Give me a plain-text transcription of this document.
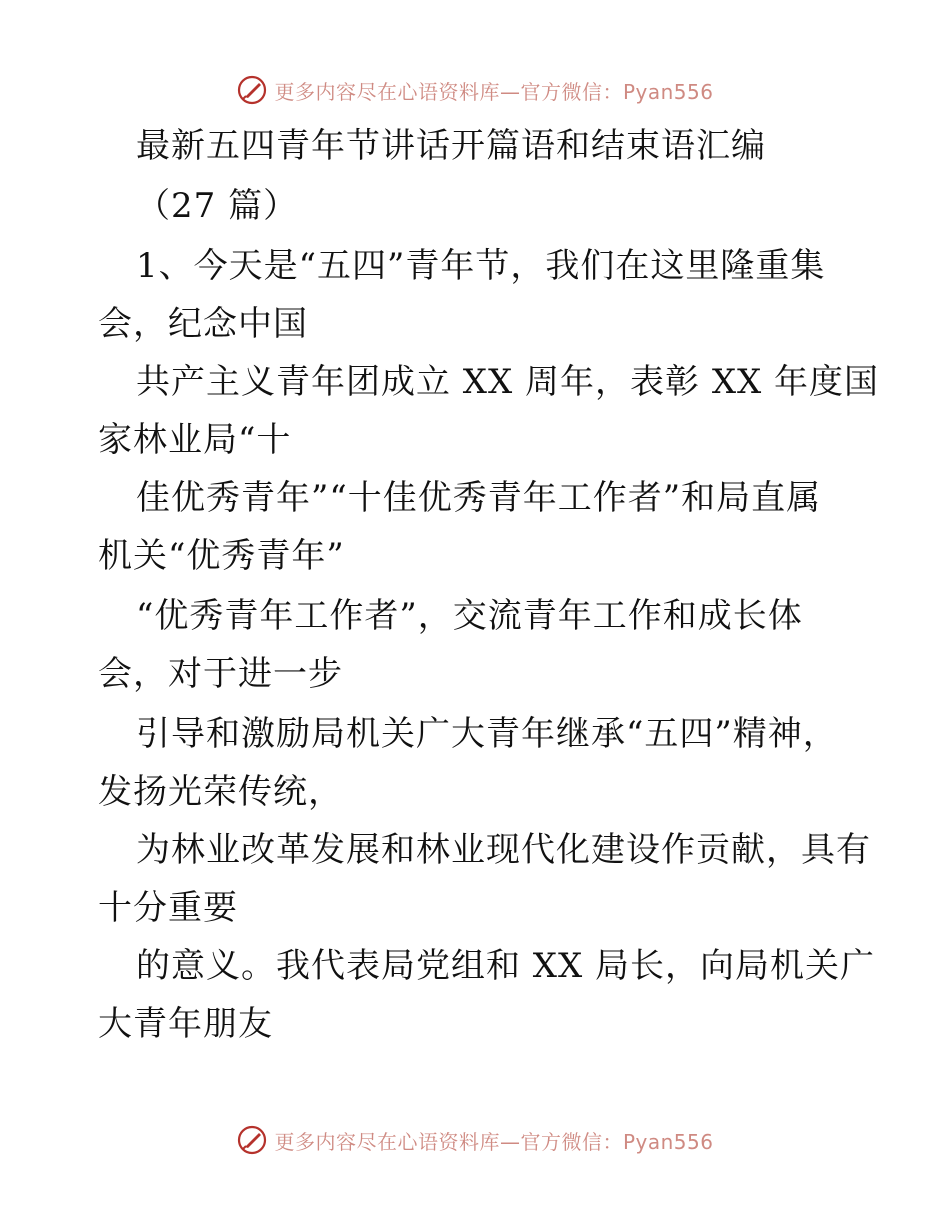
更多内容尽在心语资料库—官方微信：Pyan556
最新五四青年节讲话开篇语和结束语汇编
（27 篇）
1、今天是“五四”青年节，我们在这里隆重集
会，纪念中国
共产主义青年团成立 XX 周年，表彰 XX 年度国
家林业局“十
佳优秀青年”“十佳优秀青年工作者”和局直属
机关“优秀青年”
“优秀青年工作者”，交流青年工作和成长体
会，对于进一步
引导和激励局机关广大青年继承“五四”精神，
发扬光荣传统，
为林业改革发展和林业现代化建设作贡献，具有
十分重要
的意义。我代表局党组和 XX 局长，向局机关广
大青年朋友
更多内容尽在心语资料库—官方微信：Pyan556
